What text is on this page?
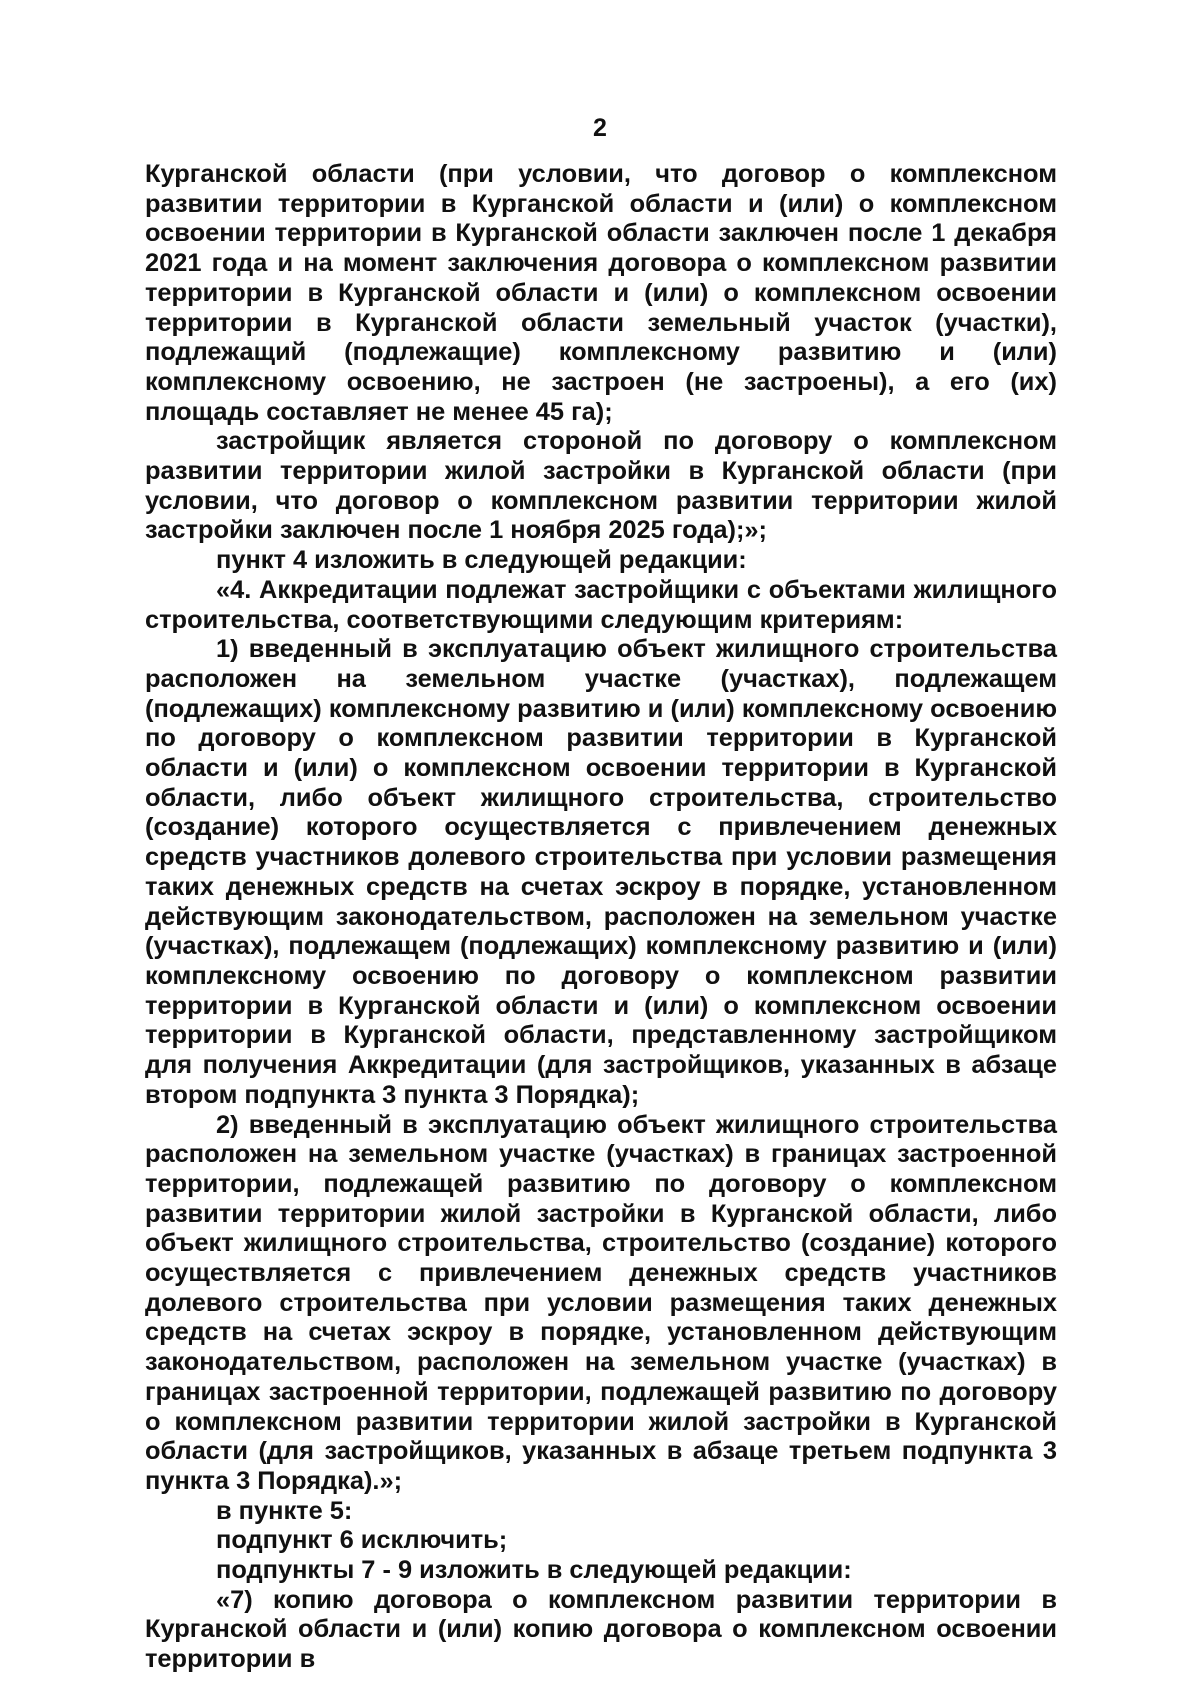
2

Курганской области (при условии, что договор о комплексном развитии территории в Курганской области и (или) о комплексном освоении территории в Курганской области заключен после 1 декабря 2021 года и на момент заключения договора о комплексном развитии территории в Курганской области и (или) о комплексном освоении территории в Курганской области земельный участок (участки), подлежащий (подлежащие) комплексному развитию и (или) комплексному освоению, не застроен (не застроены), а его (их) площадь составляет не менее 45 га);

застройщик является стороной по договору о комплексном развитии территории жилой застройки в Курганской области (при условии, что договор о комплексном развитии территории жилой застройки заключен после 1 ноября 2025 года);»;

пункт 4 изложить в следующей редакции:

«4. Аккредитации подлежат застройщики с объектами жилищного строительства, соответствующими следующим критериям:

1) введенный в эксплуатацию объект жилищного строительства расположен на земельном участке (участках), подлежащем (подлежащих) комплексному развитию и (или) комплексному освоению по договору о комплексном развитии территории в Курганской области и (или) о комплексном освоении территории в Курганской области, либо объект жилищного строительства, строительство (создание) которого осуществляется с привлечением денежных средств участников долевого строительства при условии размещения таких денежных средств на счетах эскроу в порядке, установленном действующим законодательством, расположен на земельном участке (участках), подлежащем (подлежащих) комплексному развитию и (или) комплексному освоению по договору о комплексном развитии территории в Курганской области и (или) о комплексном освоении территории в Курганской области, представленному застройщиком для получения Аккредитации (для застройщиков, указанных в абзаце втором подпункта 3 пункта 3 Порядка);

2) введенный в эксплуатацию объект жилищного строительства расположен на земельном участке (участках) в границах застроенной территории, подлежащей развитию по договору о комплексном развитии территории жилой застройки в Курганской области, либо объект жилищного строительства, строительство (создание) которого осуществляется с привлечением денежных средств участников долевого строительства при условии размещения таких денежных средств на счетах эскроу в порядке, установленном действующим законодательством, расположен на земельном участке (участках) в границах застроенной территории, подлежащей развитию по договору о комплексном развитии территории жилой застройки в Курганской области (для застройщиков, указанных в абзаце третьем подпункта 3 пункта 3 Порядка).»;

в пункте 5:

подпункт 6 исключить;

подпункты 7 - 9 изложить в следующей редакции:

«7) копию договора о комплексном развитии территории в Курганской области и (или) копию договора о комплексном освоении территории в
